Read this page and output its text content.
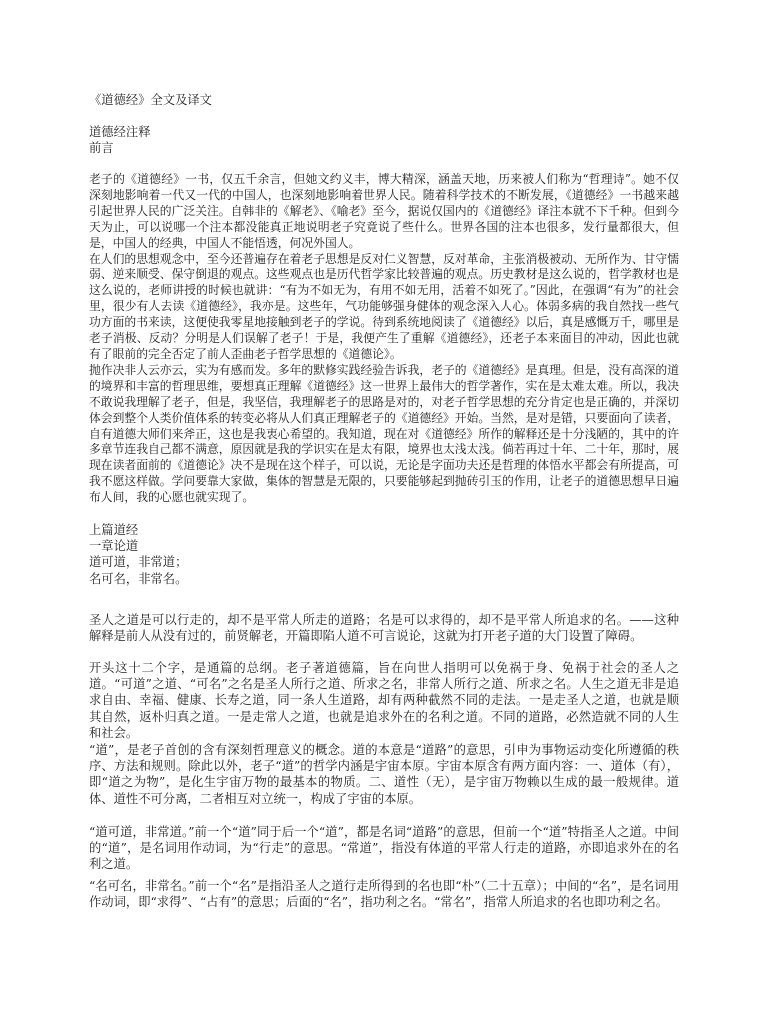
《道德经》全文及译文

道德经注释
前言

老子的《道德经》一书，仅五千余言，但她文约义丰，博大精深，涵盖天地，历来被人们称为“哲理诗”。她不仅深刻地影响着一代又一代的中国人，也深刻地影响着世界人民。随着科学技术的不断发展，《道德经》一书越来越引起世界人民的广泛关注。自韩非的《解老》、《喻老》至今，据说仅国内的《道德经》译注本就不下千种。但到今天为止，可以说哪一个注本都没能真正地说明老子究竟说了些什么。世界各国的注本也很多，发行量都很大，但是，中国人的经典，中国人不能悟透，何况外国人。
在人们的思想观念中，至今还普遍存在着老子思想是反对仁义智慧，反对革命，主张消极被动、无所作为、甘守懦弱、逆来顺受、保守倒退的观点。这些观点也是历代哲学家比较普遍的观点。历史教材是这么说的，哲学教材也是这么说的，老师讲授的时候也就讲：“有为不如无为，有用不如无用，活着不如死了。”因此，在强调“有为”的社会里，很少有人去读《道德经》，我亦是。这些年，气功能够强身健体的观念深入人心。体弱多病的我自然找一些气功方面的书来读，这便使我零星地接触到老子的学说。待到系统地阅读了《道德经》以后，真是感慨万千，哪里是老子消极、反动？分明是人们误解了老子！于是，我便产生了重解《道德经》，还老子本来面目的冲动，因此也就有了眼前的完全否定了前人歪曲老子哲学思想的《道德论》。
抛作决非人云亦云，实为有感而发。多年的默修实践经验告诉我，老子的《道德经》是真理。但是，没有高深的道的境界和丰富的哲理思维，要想真正理解《道德经》这一世界上最伟大的哲学著作，实在是太难太难。所以，我决不敢说我理解了老子，但是，我坚信，我理解老子的思路是对的，对老子哲学思想的充分肯定也是正确的，并深切体会到整个人类价值体系的转变必将从人们真正理解老子的《道德经》开始。当然，是对是错，只要面向了读者，自有道德大师们来斧正，这也是我衷心希望的。我知道，现在对《道德经》所作的解释还是十分浅陋的，其中的许多章节连我自己都不满意，原因就是我的学识实在是太有限，境界也太浅太浅。倘若再过十年、二十年，那时，展现在读者面前的《道德论》决不是现在这个样子，可以说，无论是字面功夫还是哲理的体悟水平都会有所提高，可我不愿这样做。学问要靠大家做，集体的智慧是无限的，只要能够起到抛砖引玉的作用，让老子的道德思想早日遍布人间，我的心愿也就实现了。

上篇道经
一章论道
道可道，非常道；
名可名，非常名。

圣人之道是可以行走的，却不是平常人所走的道路；名是可以求得的，却不是平常人所追求的名。——这种解释是前人从没有过的，前贤解老，开篇即陷人道不可言说论，这就为打开老子道的大门设置了障碍。

开头这十二个字，是通篇的总纲。老子著道德篇，旨在向世人指明可以免祸于身、免祸于社会的圣人之道。“可道”之道、“可名”之名是圣人所行之道、所求之名，非常人所行之道、所求之名。人生之道无非是追求自由、幸福、健康、长寿之道，同一条人生道路，却有两种截然不同的走法。一是走圣人之道，也就是顺其自然，返朴归真之道。一是走常人之道，也就是追求外在的名利之道。不同的道路，必然造就不同的人生和社会。

“道”，是老子首创的含有深刻哲理意义的概念。道的本意是“道路”的意思，引申为事物运动变化所遵循的秩序、方法和规则。除此以外，老子“道”的哲学内涵是宇宙本原。宇宙本原含有两方面内容：一、道体（有），即“道之为物”，是化生宇宙万物的最基本的物质。二、道性（无），是宇宙万物赖以生成的最一般规律。道体、道性不可分离，二者相互对立统一，构成了宇宙的本原。

“道可道，非常道。”前一个“道”同于后一个“道”，都是名词“道路”的意思，但前一个“道”特指圣人之道。中间的“道”，是名词用作动词，为“行走”的意思。“常道”，指没有体道的平常人行走的道路，亦即追求外在的名利之道。

“名可名，非常名。”前一个“名”是指沿圣人之道行走所得到的名也即“朴”（二十五章）；中间的“名”，是名词用作动词，即“求得”、“占有”的意思；后面的“名”，指功利之名。“常名”，指常人所追求的名也即功利之名。
